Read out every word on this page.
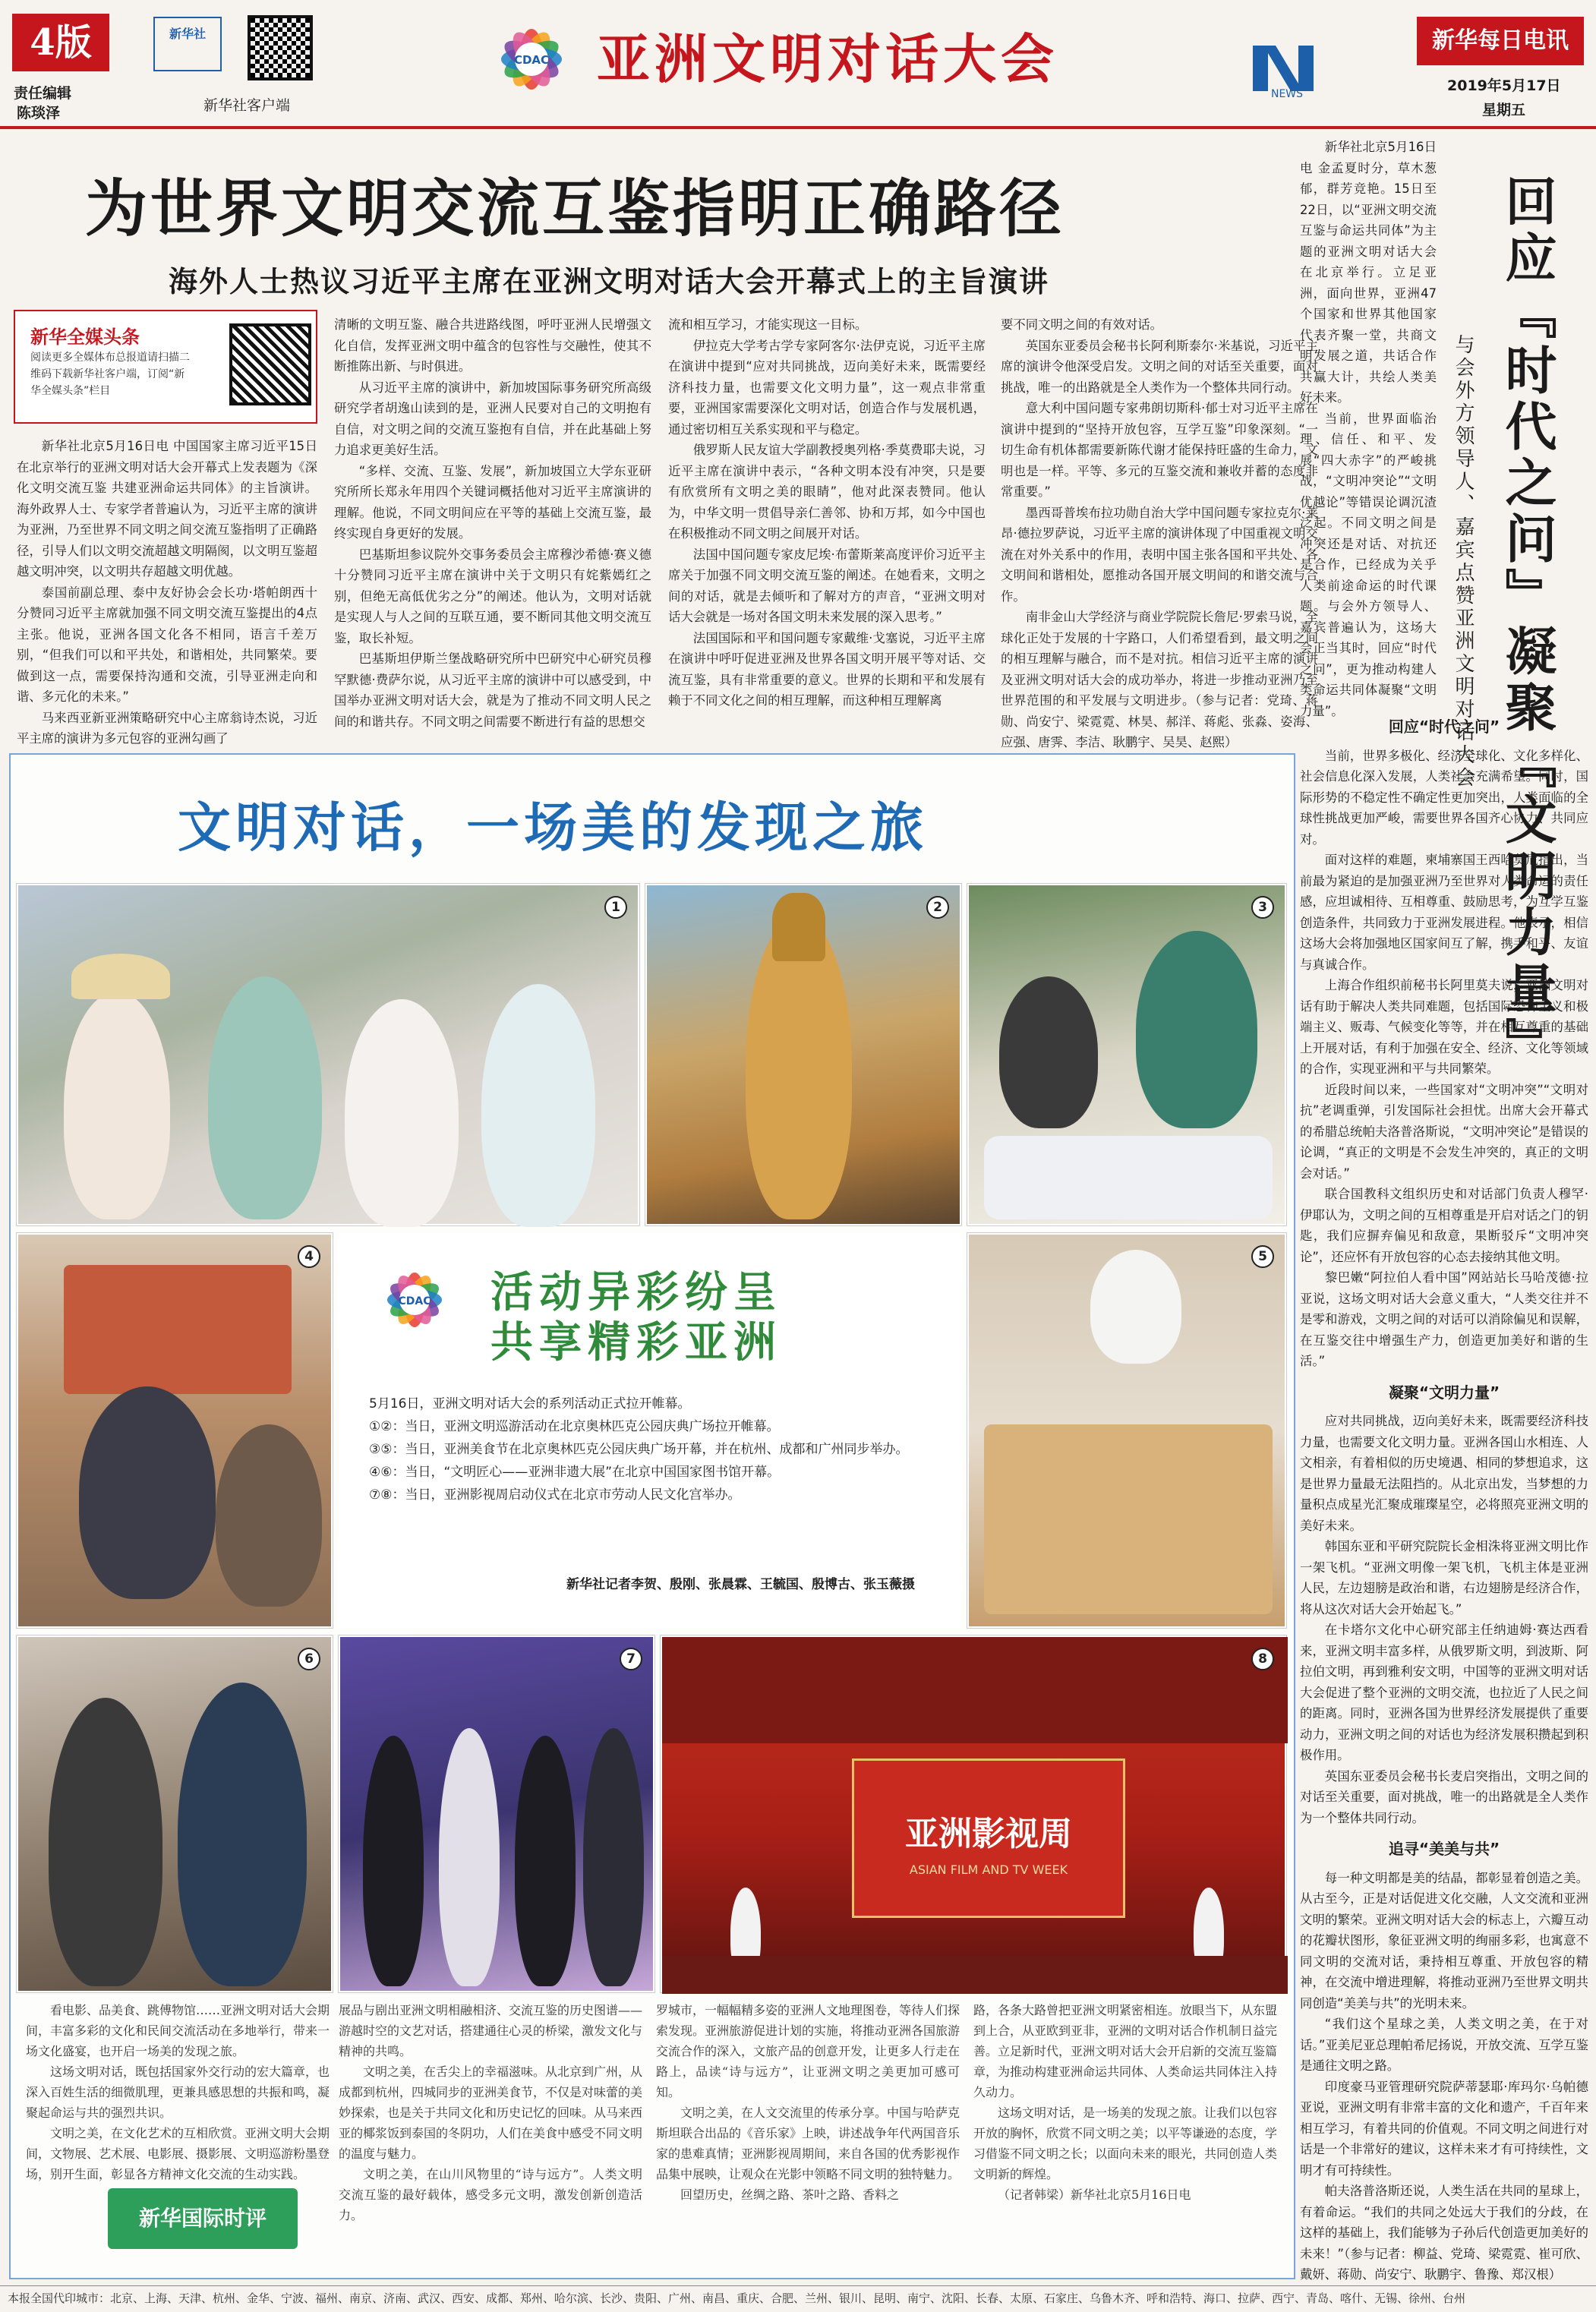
4版
责任编辑
陈琰泽
新华社
新华社客户端
CDAC 亚洲文明对话大会
NEWS
新华每日电讯
2019年5月17日
星期五
为世界文明交流互鉴指明正确路径
海外人士热议习近平主席在亚洲文明对话大会开幕式上的主旨演讲
新华全媒头条
阅读更多全媒体布总报道请扫描二维码下载新华社客户端，订阅“新华全媒头条”栏目

新华社北京5月16日电 中国国家主席习近平15日在北京举行的亚洲文明对话大会开幕式上发表题为《深化文明交流互鉴 共建亚洲命运共同体》的主旨演讲。海外政界人士、专家学者普遍认为，习近平主席的演讲为亚洲，乃至世界不同文明之间交流互鉴指明了正确路径，引导人们以文明交流超越文明隔阂，以文明互鉴超越文明冲突，以文明共存超越文明优越。

泰国前副总理、泰中友好协会会长功·塔帕朗西十分赞同习近平主席就加强不同文明交流互鉴提出的4点主张。他说，亚洲各国文化各不相同，语言千差万别，“但我们可以和平共处，和谐相处，共同繁荣。要做到这一点，需要保持沟通和交流，引导亚洲走向和谐、多元化的未来。”

马来西亚新亚洲策略研究中心主席翁诗杰说，习近平主席的演讲为多元包容的亚洲勾画了

清晰的文明互鉴、融合共进路线图，呼吁亚洲人民增强文化自信，发挥亚洲文明中蕴含的包容性与交融性，使其不断推陈出新、与时俱进。

从习近平主席的演讲中，新加坡国际事务研究所高级研究学者胡逸山读到的是，亚洲人民要对自己的文明抱有自信，对文明之间的交流互鉴抱有自信，并在此基础上努力追求更美好生活。

“多样、交流、互鉴、发展”，新加坡国立大学东亚研究所所长郑永年用四个关键词概括他对习近平主席演讲的理解。他说，不同文明间应在平等的基础上交流互鉴，最终实现自身更好的发展。

巴基斯坦参议院外交事务委员会主席穆沙希德·赛义德十分赞同习近平主席在演讲中关于文明只有姹紫嫣红之别，但绝无高低优劣之分”的阐述。他认为，文明对话就是实现人与人之间的互联互通，要不断同其他文明交流互鉴，取长补短。

巴基斯坦伊斯兰堡战略研究所中巴研究中心研究员穆罕默德·费萨尔说，从习近平主席的演讲中可以感受到，中国举办亚洲文明对话大会，就是为了推动不同文明人民之间的和谐共存。不同文明之间需要不断进行有益的思想交

流和相互学习，才能实现这一目标。

伊拉克大学考古学专家阿客尔·法伊克说，习近平主席在演讲中提到“应对共同挑战，迈向美好未来，既需要经济科技力量，也需要文化文明力量”，这一观点非常重要，亚洲国家需要深化文明对话，创造合作与发展机遇，通过密切相互关系实现和平与稳定。

俄罗斯人民友谊大学副教授奥列格·季莫费耶夫说，习近平主席在演讲中表示，“各种文明本没有冲突，只是要有欣赏所有文明之美的眼睛”，他对此深表赞同。他认为，中华文明一贯倡导亲仁善邻、协和万邦，如今中国也在积极推动不同文明之间展开对话。

法国中国问题专家皮尼埃·布蕾斯莱高度评价习近平主席关于加强不同文明交流互鉴的阐述。在她看来，文明之间的对话，就是去倾听和了解对方的声音，“亚洲文明对话大会就是一场对各国文明未来发展的深入思考。”

法国国际和平和国问题专家戴维·戈塞说，习近平主席在演讲中呼吁促进亚洲及世界各国文明开展平等对话、交流互鉴，具有非常重要的意义。世界的长期和平和发展有赖于不同文化之间的相互理解，而这种相互理解离

要不同文明之间的有效对话。

英国东亚委员会秘书长阿利斯泰尔·米基说，习近平主席的演讲令他深受启发。文明之间的对话至关重要，面对挑战，唯一的出路就是全人类作为一个整体共同行动。

意大利中国问题专家弗朗切斯科·郁士对习近平主席在演讲中提到的“坚持开放包容，互学互鉴”印象深刻。“一切生命有机体都需要新陈代谢才能保持旺盛的生命力，文明也是一样。平等、多元的互鉴交流和兼收并蓄的态度非常重要。”

墨西哥普埃布拉功勋自治大学中国问题专家拉克尔·莱昂·德拉罗萨说，习近平主席的演讲体现了中国重视文明交流在对外关系中的作用，表明中国主张各国和平共处、各文明间和谐相处，愿推动各国开展文明间的和谐交流与合作。

南非金山大学经济与商业学院院长詹尼·罗索马说，全球化正处于发展的十字路口，人们希望看到，最文明之间的相互理解与融合，而不是对抗。相信习近平主席的演讲及亚洲文明对话大会的成功举办，将进一步推动亚洲乃至世界范围的和平发展与文明进步。（参与记者：党琦、蒋勋、尚安宁、梁霓霓、林昊、郝洋、蒋彪、张淼、姿海、应强、唐霁、李洁、耿鹏宇、吴昊、赵熙）

文明对话，一场美的发现之旅
1	2	3
4
CDAC 活动异彩纷呈
共享精彩亚洲
5月16日，亚洲文明对话大会的系列活动正式拉开帷幕。
①②：当日，亚洲文明巡游活动在北京奥林匹克公园庆典广场拉开帷幕。
③⑤：当日，亚洲美食节在北京奥林匹克公园庆典广场开幕，并在杭州、成都和广州同步举办。
④⑥：当日，“文明匠心——亚洲非遗大展”在北京中国国家图书馆开幕。
⑦⑧：当日，亚洲影视周启动仪式在北京市劳动人民文化宫举办。
新华社记者李贺、殷刚、张晨霖、王毓国、殷博古、张玉薇摄
5
6	7
亚洲影视周
ASIAN FILM AND TV WEEK
8

看电影、品美食、跳傅物馆……亚洲文明对话大会期间，丰富多彩的文化和民间交流活动在多地举行，带来一场文化盛宴，也开启一场美的发现之旅。

这场文明对话，既包括国家外交行动的宏大篇章，也深入百姓生活的细微肌理，更兼具感思想的共振和鸣，凝聚起命运与共的强烈共识。

文明之美，在文化艺术的互相欣赏。亚洲文明大会期间，文物展、艺术展、电影展、摄影展、文明巡游粉墨登场，别开生面，彰显各方精神文化交流的生动实践。

展品与剧出亚洲文明相融相济、交流互鉴的历史图谱——游越时空的文艺对话，搭建通往心灵的桥梁，激发文化与精神的共鸣。

文明之美，在舌尖上的幸福滋味。从北京到广州，从成都到杭州，四城同步的亚洲美食节，不仅是对味蕾的美妙探索，也是关于共同文化和历史记忆的回味。从马来西亚的椰浆饭到泰国的冬阴功，人们在美食中感受不同文明的温度与魅力。

文明之美，在山川风物里的“诗与远方”。人类文明交流互鉴的最好载体，感受多元文明，激发创新创造活力。

罗城市，一幅幅精多姿的亚洲人文地理图卷，等待人们探索发现。亚洲旅游促进计划的实施，将推动亚洲各国旅游交流合作的深入，文旅产品的创意开发，让更多人行走在路上，品读“诗与远方”，让亚洲文明之美更加可感可知。

文明之美，在人文交流里的传承分享。中国与哈萨克斯坦联合出品的《音乐家》上映，讲述战争年代两国音乐家的患难真情；亚洲影视周期间，来自各国的优秀影视作品集中展映，让观众在光影中领略不同文明的独特魅力。

回望历史，丝绸之路、茶叶之路、香料之

路，各条大路曾把亚洲文明紧密相连。放眼当下，从东盟到上合，从亚欧到亚非，亚洲的文明对话合作机制日益完善。立足新时代，亚洲文明对话大会开启新的交流互鉴篇章，为推动构建亚洲命运共同体、人类命运共同体注入持久动力。

这场文明对话，是一场美的发现之旅。让我们以包容开放的胸怀，欣赏不同文明之美；以平等谦逊的态度，学习借鉴不同文明之长；以面向未来的眼光，共同创造人类文明新的辉煌。

（记者韩梁）新华社北京5月16日电

新华国际时评

新华社北京5月16日电 金孟夏时分，草木葱郁，群芳竞艳。15日至22日，以“亚洲文明交流互鉴与命运共同体”为主题的亚洲文明对话大会在北京举行。立足亚洲，面向世界，亚洲47个国家和世界其他国家代表齐聚一堂，共商文明发展之道，共话合作共赢大计，共绘人类美好未来。

当前，世界面临治理、信任、和平、发展“四大赤字”的严峻挑战，“文明冲突论”“文明优越论”等错误论调沉渣泛起。不同文明之间是冲突还是对话、对抗还是合作，已经成为关乎人类前途命运的时代课题。与会外方领导人、嘉宾普遍认为，这场大会正当其时，回应“时代之问”，更为推动构建人类命运共同体凝聚“文明力量”。	回应『时代之问』凝聚『文明力量』
与会外方领导人、嘉宾点赞亚洲文明对话大会
回应“时代之问”

当前，世界多极化、经济全球化、文化多样化、社会信息化深入发展，人类社会充满希望。同时，国际形势的不稳定性不确定性更加突出，人类面临的全球性挑战更加严峻，需要世界各国齐心协力、共同应对。

面对这样的难题，柬埔寨国王西哈莫尼指出，当前最为紧迫的是加强亚洲乃至世界对人类命运的责任感，应坦诚相待、互相尊重、鼓励思考，为互学互鉴创造条件，共同致力于亚洲发展进程。他表示，相信这场大会将加强地区国家间互了解，携手和平、友谊与真诚合作。

上海合作组织前秘书长阿里莫夫说，亚洲文明对话有助于解决人类共同难题，包括国际恐怖主义和极端主义、贩毒、气候变化等等，并在相互尊重的基础上开展对话，有利于加强在安全、经济、文化等领域的合作，实现亚洲和平与共同繁荣。

近段时间以来，一些国家对“文明冲突”“文明对抗”老调重弹，引发国际社会担忧。出席大会开幕式的希腊总统帕夫洛普洛斯说，“文明冲突论”是错误的论调，“真正的文明是不会发生冲突的，真正的文明会对话。”

联合国教科文组织历史和对话部门负责人穆罕·伊耶认为，文明之间的互相尊重是开启对话之门的钥匙，我们应摒弃偏见和敌意，果断驳斥“文明冲突论”，还应怀有开放包容的心态去接纳其他文明。

黎巴嫩“阿拉伯人看中国”网站站长马哈茂德·拉亚说，这场文明对话大会意义重大，“人类交往并不是零和游戏，文明之间的对话可以消除偏见和误解，在互鉴交往中增强生产力，创造更加美好和谐的生活。”

凝聚“文明力量”

应对共同挑战，迈向美好未来，既需要经济科技力量，也需要文化文明力量。亚洲各国山水相连、人文相亲，有着相似的历史境遇、相同的梦想追求，这是世界力量最无法阻挡的。从北京出发，当梦想的力量积点成星光汇聚成璀璨星空，必将照亮亚洲文明的美好未来。

韩国东亚和平研究院院长金相洙将亚洲文明比作一架飞机。“亚洲文明像一架飞机，飞机主体是亚洲人民，左边翅膀是政治和谐，右边翅膀是经济合作，将从这次对话大会开始起飞。”

在卡塔尔文化中心研究部主任纳迪姆·赛达西看来，亚洲文明丰富多样，从俄罗斯文明，到波斯、阿拉伯文明，再到雅利安文明，中国等的亚洲文明对话大会促进了整个亚洲的文明交流，也拉近了人民之间的距离。同时，亚洲各国为世界经济发展提供了重要动力，亚洲文明之间的对话也为经济发展积攒起到积极作用。

英国东亚委员会秘书长麦启突指出，文明之间的对话至关重要，面对挑战，唯一的出路就是全人类作为一个整体共同行动。

追寻“美美与共”

每一种文明都是美的结晶，都彰显着创造之美。从古至今，正是对话促进文化交融，人文交流和亚洲文明的繁荣。亚洲文明对话大会的标志上，六瓣互动的花瓣状图形，象征亚洲文明的绚丽多彩，也寓意不同文明的交流对话，秉持相互尊重、开放包容的精神，在交流中增进理解，将推动亚洲乃至世界文明共同创造“美美与共”的光明未来。

“我们这个星球之美，人类文明之美，在于对话。”亚美尼亚总理帕希尼扬说，开放交流、互学互鉴是通往文明之路。

印度豪马亚管理研究院萨蒂瑟耶·库玛尔·乌帕德亚说，亚洲文明有非常丰富的文化和遗产，千百年来相互学习，有着共同的价值观。不同文明之间进行对话是一个非常好的建议，这样未来才有可持续性，文明才有可持续性。

帕夫洛普洛斯还说，人类生活在共同的星球上，有着命运。“我们的共同之处远大于我们的分歧，在这样的基础上，我们能够为子孙后代创造更加美好的未来！”（参与记者：柳益、党琦、梁霓霓、崔可欣、戴妍、蒋勋、尚安宁、耿鹏宇、鲁豫、郑汉根）

本报全国代印城市：北京、上海、天津、杭州、金华、宁波、福州、南京、济南、武汉、西安、成都、郑州、哈尔滨、长沙、贵阳、广州、南昌、重庆、合肥、兰州、银川、昆明、南宁、沈阳、长春、太原、石家庄、乌鲁木齐、呼和浩特、海口、拉萨、西宁、青岛、喀什、无锡、徐州、台州
